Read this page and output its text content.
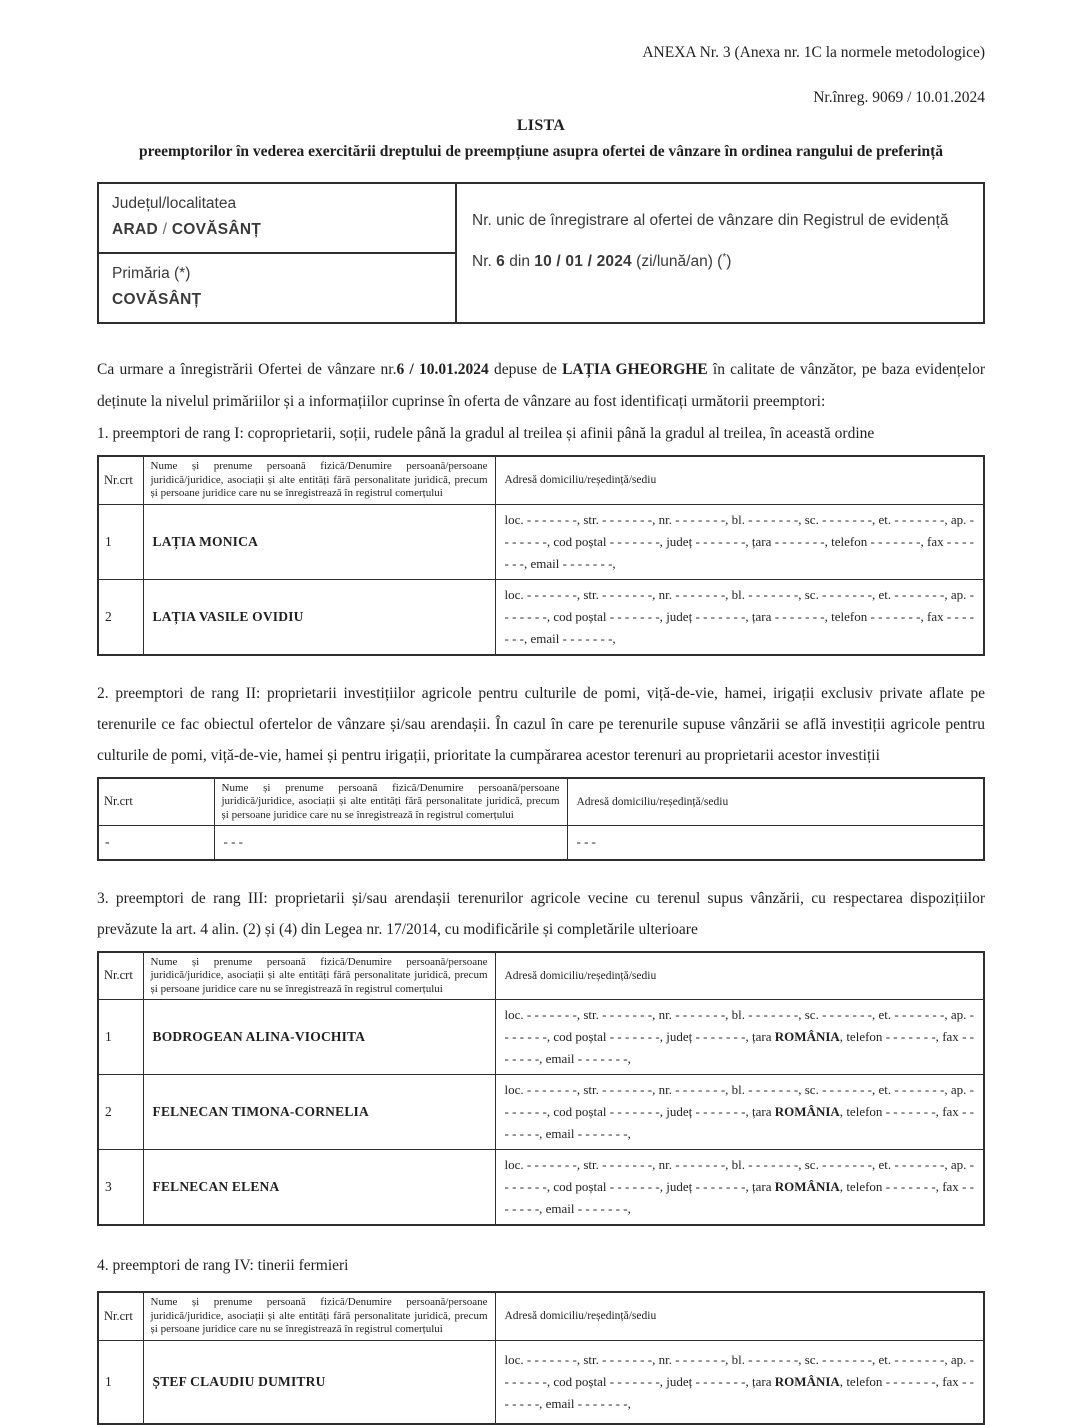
ANEXA Nr. 3 (Anexa nr. 1C la normele metodologice)
Nr.înreg. 9069 / 10.01.2024
LISTA
preemptorilor în vederea exercitării dreptului de preempțiune asupra ofertei de vânzare în ordinea rangului de preferință
Județul/localitatea
ARAD / COVĂSÂNȚ
Primăria (*)
COVĂSÂNȚ

Nr. unic de înregistrare al ofertei de vânzare din Registrul de evidență

Nr. 6 din 10 / 01 / 2024 (zi/lună/an) (*)

Ca urmare a înregistrării Ofertei de vânzare nr.6 / 10.01.2024 depuse de LAȚIA GHEORGHE în calitate de vânzător, pe baza evidențelor deținute la nivelul primăriilor și a informațiilor cuprinse în oferta de vânzare au fost identificați următorii preemptori:

1. preemptori de rang I: coproprietarii, soții, rudele până la gradul al treilea și afinii până la gradul al treilea, în această ordine

Nr.crt	Nume și prenume persoană fizică/Denumire persoană/persoane juridică/juridice, asociații și alte entități fără personalitate juridică, precum și persoane juridice care nu se înregistrează în registrul comerțului	Adresă domiciliu/reședință/sediu
1	LAȚIA MONICA	loc. - - - - - - -, str. - - - - - - -, nr. - - - - - - -, bl. - - - - - - -, sc. - - - - - - -, et. - - - - - - -, ap. - - - - - - -, cod poștal - - - - - - -, județ - - - - - - -, țara - - - - - - -, telefon - - - - - - -, fax - - - - - - -, email - - - - - - -,
2	LAȚIA VASILE OVIDIU	loc. - - - - - - -, str. - - - - - - -, nr. - - - - - - -, bl. - - - - - - -, sc. - - - - - - -, et. - - - - - - -, ap. - - - - - - -, cod poștal - - - - - - -, județ - - - - - - -, țara - - - - - - -, telefon - - - - - - -, fax - - - - - - -, email - - - - - - -,

2. preemptori de rang II: proprietarii investițiilor agricole pentru culturile de pomi, viță-de-vie, hamei, irigații exclusiv private aflate pe terenurile ce fac obiectul ofertelor de vânzare și/sau arendașii. În cazul în care pe terenurile supuse vânzării se află investiții agricole pentru culturile de pomi, viță-de-vie, hamei și pentru irigații, prioritate la cumpărarea acestor terenuri au proprietarii acestor investiții

Nr.crt	Nume și prenume persoană fizică/Denumire persoană/persoane juridică/juridice, asociații și alte entități fără personalitate juridică, precum și persoane juridice care nu se înregistrează în registrul comerțului	Adresă domiciliu/reședință/sediu
-	- - -	- - -

3. preemptori de rang III: proprietarii și/sau arendașii terenurilor agricole vecine cu terenul supus vânzării, cu respectarea dispozițiilor prevăzute la art. 4 alin. (2) și (4) din Legea nr. 17/2014, cu modificările și completările ulterioare

Nr.crt	Nume și prenume persoană fizică/Denumire persoană/persoane juridică/juridice, asociații și alte entități fără personalitate juridică, precum și persoane juridice care nu se înregistrează în registrul comerțului	Adresă domiciliu/reședință/sediu
1	BODROGEAN ALINA-VIOCHITA	loc. - - - - - - -, str. - - - - - - -, nr. - - - - - - -, bl. - - - - - - -, sc. - - - - - - -, et. - - - - - - -, ap. - - - - - - -, cod poștal - - - - - - -, județ - - - - - - -, țara ROMÂNIA, telefon - - - - - - -, fax - - - - - - -, email - - - - - - -,
2	FELNECAN TIMONA-CORNELIA	loc. - - - - - - -, str. - - - - - - -, nr. - - - - - - -, bl. - - - - - - -, sc. - - - - - - -, et. - - - - - - -, ap. - - - - - - -, cod poștal - - - - - - -, județ - - - - - - -, țara ROMÂNIA, telefon - - - - - - -, fax - - - - - - -, email - - - - - - -,
3	FELNECAN ELENA	loc. - - - - - - -, str. - - - - - - -, nr. - - - - - - -, bl. - - - - - - -, sc. - - - - - - -, et. - - - - - - -, ap. - - - - - - -, cod poștal - - - - - - -, județ - - - - - - -, țara ROMÂNIA, telefon - - - - - - -, fax - - - - - - -, email - - - - - - -,

4. preemptori de rang IV: tinerii fermieri

Nr.crt	Nume și prenume persoană fizică/Denumire persoană/persoane juridică/juridice, asociații și alte entități fără personalitate juridică, precum și persoane juridice care nu se înregistrează în registrul comerțului	Adresă domiciliu/reședință/sediu
1	ȘTEF CLAUDIU DUMITRU	loc. - - - - - - -, str. - - - - - - -, nr. - - - - - - -, bl. - - - - - - -, sc. - - - - - - -, et. - - - - - - -, ap. - - - - - - -, cod poștal - - - - - - -, județ - - - - - - -, țara ROMÂNIA, telefon - - - - - - -, fax - - - - - - -, email - - - - - - -,
